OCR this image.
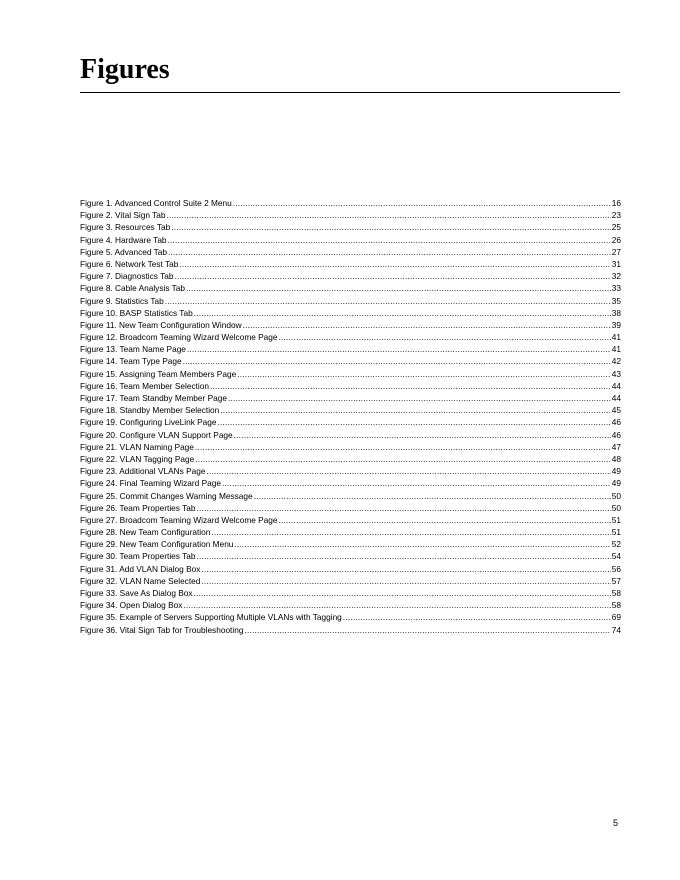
Figures
Figure 1. Advanced Control Suite 2 Menu .....	16
Figure 2. Vital Sign Tab .....	23
Figure 3. Resources Tab .....	25
Figure 4. Hardware Tab .....	26
Figure 5. Advanced Tab .....	27
Figure 6. Network Test Tab .....	31
Figure 7. Diagnostics Tab .....	32
Figure 8. Cable Analysis Tab .....	33
Figure 9. Statistics Tab .....	35
Figure 10. BASP Statistics Tab .....	38
Figure 11. New Team Configuration Window .....	39
Figure 12. Broadcom Teaming Wizard Welcome Page .....	41
Figure 13. Team Name Page .....	41
Figure 14. Team Type Page .....	42
Figure 15. Assigning Team Members Page .....	43
Figure 16. Team Member Selection .....	44
Figure 17. Team Standby Member Page .....	44
Figure 18. Standby Member Selection .....	45
Figure 19. Configuring LiveLink Page .....	46
Figure 20. Configure VLAN Support Page .....	46
Figure 21. VLAN Naming Page .....	47
Figure 22. VLAN Tagging Page .....	48
Figure 23. Additional VLANs Page .....	49
Figure 24. Final Teaming Wizard Page .....	49
Figure 25. Commit Changes Warning Message .....	50
Figure 26. Team Properties Tab .....	50
Figure 27. Broadcom Teaming Wizard Welcome Page .....	51
Figure 28. New Team Configuration .....	51
Figure 29. New Team Configuration Menu .....	52
Figure 30. Team Properties Tab .....	54
Figure 31. Add VLAN Dialog Box .....	56
Figure 32. VLAN Name Selected .....	57
Figure 33. Save As Dialog Box .....	58
Figure 34. Open Dialog Box .....	58
Figure 35. Example of Servers Supporting Multiple VLANs with Tagging .....	69
Figure 36. Vital Sign Tab for Troubleshooting .....	74
5
